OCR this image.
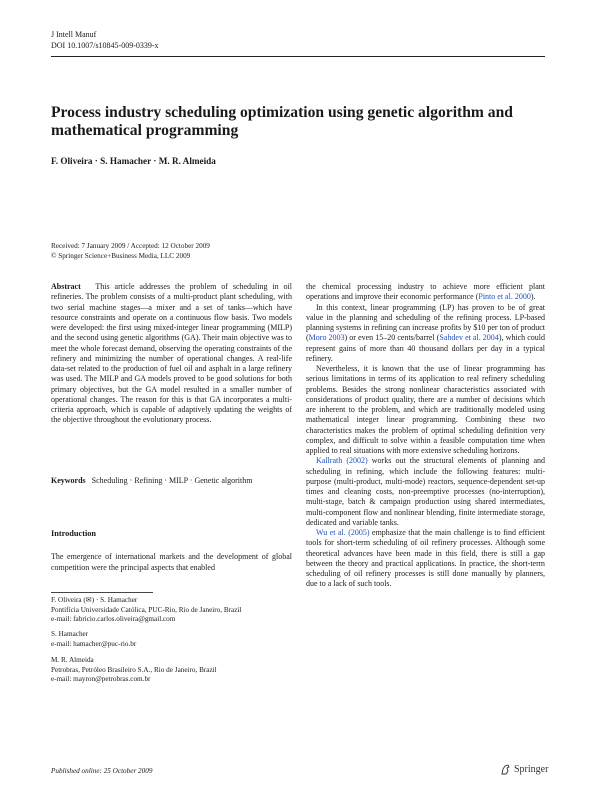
J Intell Manuf
DOI 10.1007/s10845-009-0339-x
Process industry scheduling optimization using genetic algorithm and mathematical programming
F. Oliveira · S. Hamacher · M. R. Almeida
Received: 7 January 2009 / Accepted: 12 October 2009
© Springer Science+Business Media, LLC 2009

Abstract This article addresses the problem of scheduling in oil refineries. The problem consists of a multi-product plant scheduling, with two serial machine stages—a mixer and a set of tanks—which have resource constraints and operate on a continuous flow basis. Two models were developed: the first using mixed-integer linear programming (MILP) and the second using genetic algorithms (GA). Their main objective was to meet the whole forecast demand, observing the operating constraints of the refinery and minimizing the number of operational changes. A real-life data-set related to the production of fuel oil and asphalt in a large refinery was used. The MILP and GA models proved to be good solutions for both primary objectives, but the GA model resulted in a smaller number of operational changes. The reason for this is that GA incorporates a multi-criteria approach, which is capable of adaptively updating the weights of the objective throughout the evolutionary process.

Keywords Scheduling · Refining · MILP · Genetic algorithm

Introduction

The emergence of international markets and the development of global competition were the principal aspects that enabled

F. Oliveira (✉) · S. Hamacher
Pontifícia Universidade Católica, PUC-Rio, Rio de Janeiro, Brazil
e-mail: fabricio.carlos.oliveira@gmail.com
S. Hamacher
e-mail: hamacher@puc-rio.br
M. R. Almeida
Petrobras, Petróleo Brasileiro S.A., Rio de Janeiro, Brazil
e-mail: mayron@petrobras.com.br

the chemical processing industry to achieve more efficient plant operations and improve their economic performance (Pinto et al. 2000).

In this context, linear programming (LP) has proven to be of great value in the planning and scheduling of the refining process. LP-based planning systems in refining can increase profits by $10 per ton of product (Moro 2003) or even 15–20 cents/barrel (Sahdev et al. 2004), which could represent gains of more than 40 thousand dollars per day in a typical refinery.

Nevertheless, it is known that the use of linear programming has serious limitations in terms of its application to real refinery scheduling problems. Besides the strong nonlinear characteristics associated with considerations of product quality, there are a number of decisions which are inherent to the problem, and which are traditionally modeled using mathematical integer linear programming. Combining these two characteristics makes the problem of optimal scheduling definition very complex, and difficult to solve within a feasible computation time when applied to real situations with more extensive scheduling horizons.

Kallrath (2002) works out the structural elements of planning and scheduling in refining, which include the following features: multi-purpose (multi-product, multi-mode) reactors, sequence-dependent set-up times and cleaning costs, non-preemptive processes (no-interruption), multi-stage, batch & campaign production using shared intermediates, multi-component flow and nonlinear blending, finite intermediate storage, dedicated and variable tanks.

Wu et al. (2005) emphasize that the main challenge is to find efficient tools for short-term scheduling of oil refinery processes. Although some theoretical advances have been made in this field, there is still a gap between the theory and practical applications. In practice, the short-term scheduling of oil refinery processes is still done manually by planners, due to a lack of such tools.

Published online: 25 October 2009	Springer
